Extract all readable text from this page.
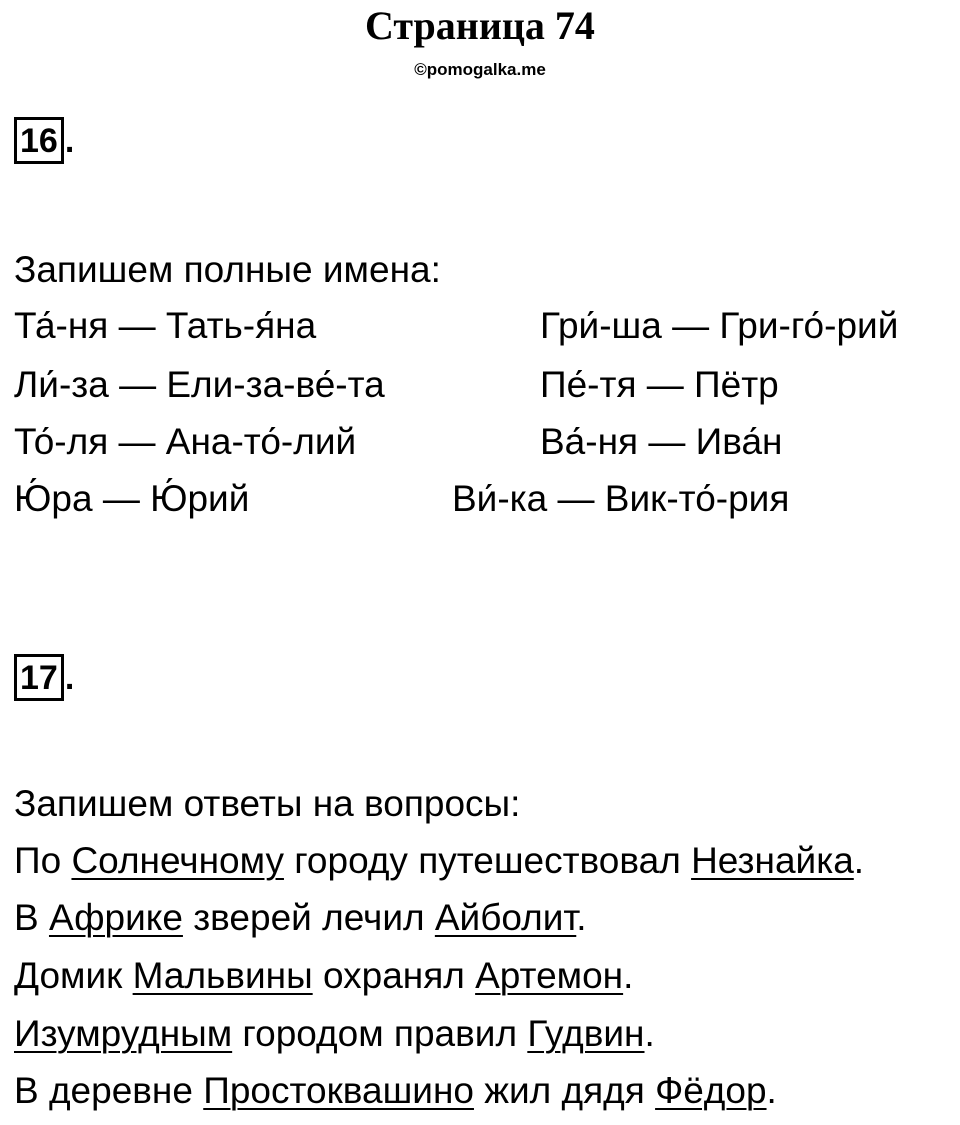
Страница 74
©pomogalka.me
16 .
Запишем полные имена:
Та́-ня — Тать-я́на	Гри́-ша — Гри-го́-рий
Ли́-за — Ели-за-ве́-та	Пе́-тя — Пётр
То́-ля — Ана-то́-лий	Ва́-ня — Ива́н
Ю́ра — Ю́рий	Ви́-ка — Вик-то́-рия
17 .
Запишем ответы на вопросы:
По Солнечному городу путешествовал Незнайка.
В Африке зверей лечил Айболит.
Домик Мальвины охранял Артемон.
Изумрудным городом правил Гудвин.
В деревне Простоквашино жил дядя Фёдор.
